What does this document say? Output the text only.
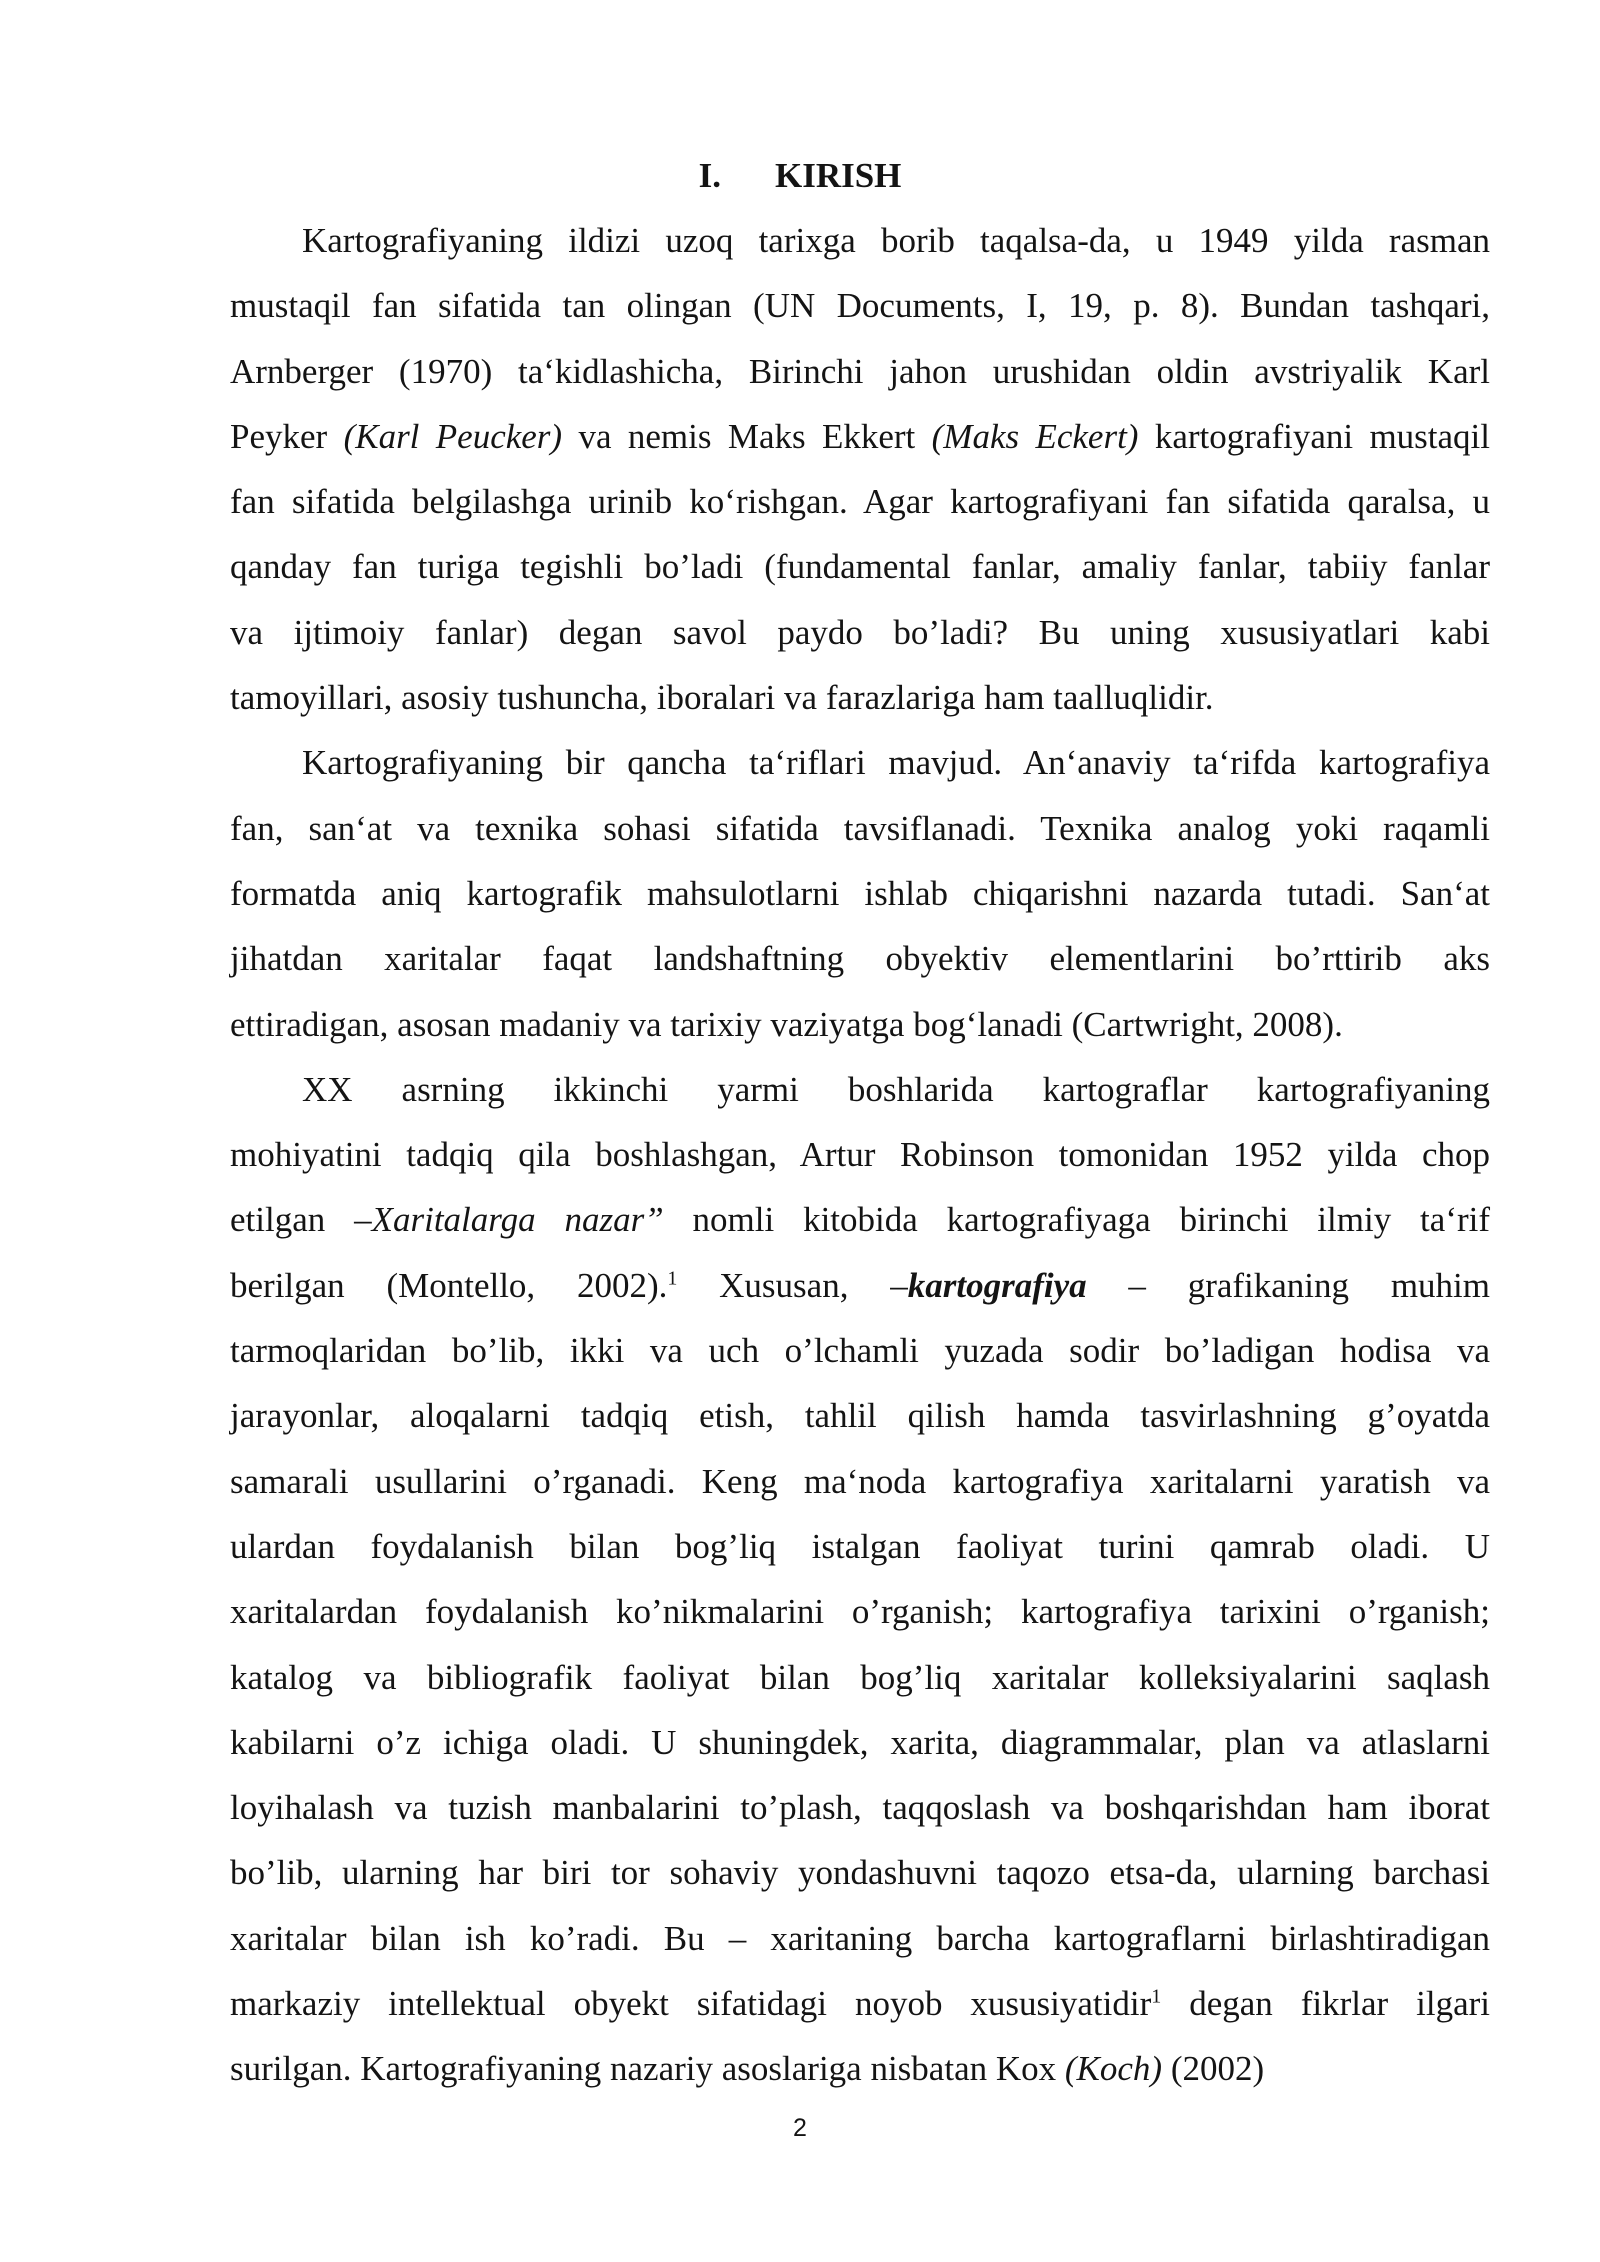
I. KIRISH
Kartografiyaning ildizi uzoq tarixga borib taqalsa-da, u 1949 yilda rasman
mustaqil fan sifatida tan olingan (UN Documents, I, 19, p. 8). Bundan tashqari,
Arnberger (1970) taʻkidlashicha, Birinchi jahon urushidan oldin avstriyalik Karl
Peyker (Karl Peucker) va nemis Maks Ekkert (Maks Eckert) kartografiyani mustaqil
fan sifatida belgilashga urinib koʻrishgan. Agar kartografiyani fan sifatida qaralsa, u
qanday fan turiga tegishli bo’ladi (fundamental fanlar, amaliy fanlar, tabiiy fanlar
va ijtimoiy fanlar) degan savol paydo bo’ladi? Bu uning xususiyatlari kabi
tamoyillari, asosiy tushuncha, iboralari va farazlariga ham taalluqlidir.
Kartografiyaning bir qancha taʻriflari mavjud. Anʻanaviy taʻrifda kartografiya
fan, sanʻat va texnika sohasi sifatida tavsiflanadi. Texnika analog yoki raqamli
formatda aniq kartografik mahsulotlarni ishlab chiqarishni nazarda tutadi. Sanʻat
jihatdan xaritalar faqat landshaftning obyektiv elementlarini bo’rttirib aks
ettiradigan, asosan madaniy va tarixiy vaziyatga bogʻlanadi (Cartwright, 2008).
XX asrning ikkinchi yarmi boshlarida kartograflar kartografiyaning
mohiyatini tadqiq qila boshlashgan, Artur Robinson tomonidan 1952 yilda chop
etilgan –Xaritalarga nazar” nomli kitobida kartografiyaga birinchi ilmiy taʻrif
berilgan (Montello, 2002).$^1$ Xususan, –kartografiya – grafikaning muhim
tarmoqlaridan bo’lib, ikki va uch o’lchamli yuzada sodir bo’ladigan hodisa va
jarayonlar, aloqalarni tadqiq etish, tahlil qilish hamda tasvirlashning g’oyatda
samarali usullarini o’rganadi. Keng maʻnoda kartografiya xaritalarni yaratish va
ulardan foydalanish bilan bog’liq istalgan faoliyat turini qamrab oladi. U
xaritalardan foydalanish ko’nikmalarini o’rganish; kartografiya tarixini o’rganish;
katalog va bibliografik faoliyat bilan bog’liq xaritalar kolleksiyalarini saqlash
kabilarni o’z ichiga oladi. U shuningdek, xarita, diagrammalar, plan va atlaslarni
loyihalash va tuzish manbalarini to’plash, taqqoslash va boshqarishdan ham iborat
bo’lib, ularning har biri tor sohaviy yondashuvni taqozo etsa-da, ularning barchasi
xaritalar bilan ish ko’radi. Bu – xaritaning barcha kartograflarni birlashtiradigan
markaziy intellektual obyekt sifatidagi noyob xususiyatidir$^1$ degan fikrlar ilgari
surilgan. Kartografiyaning nazariy asoslariga nisbatan Kox (Koch) (2002)
2
